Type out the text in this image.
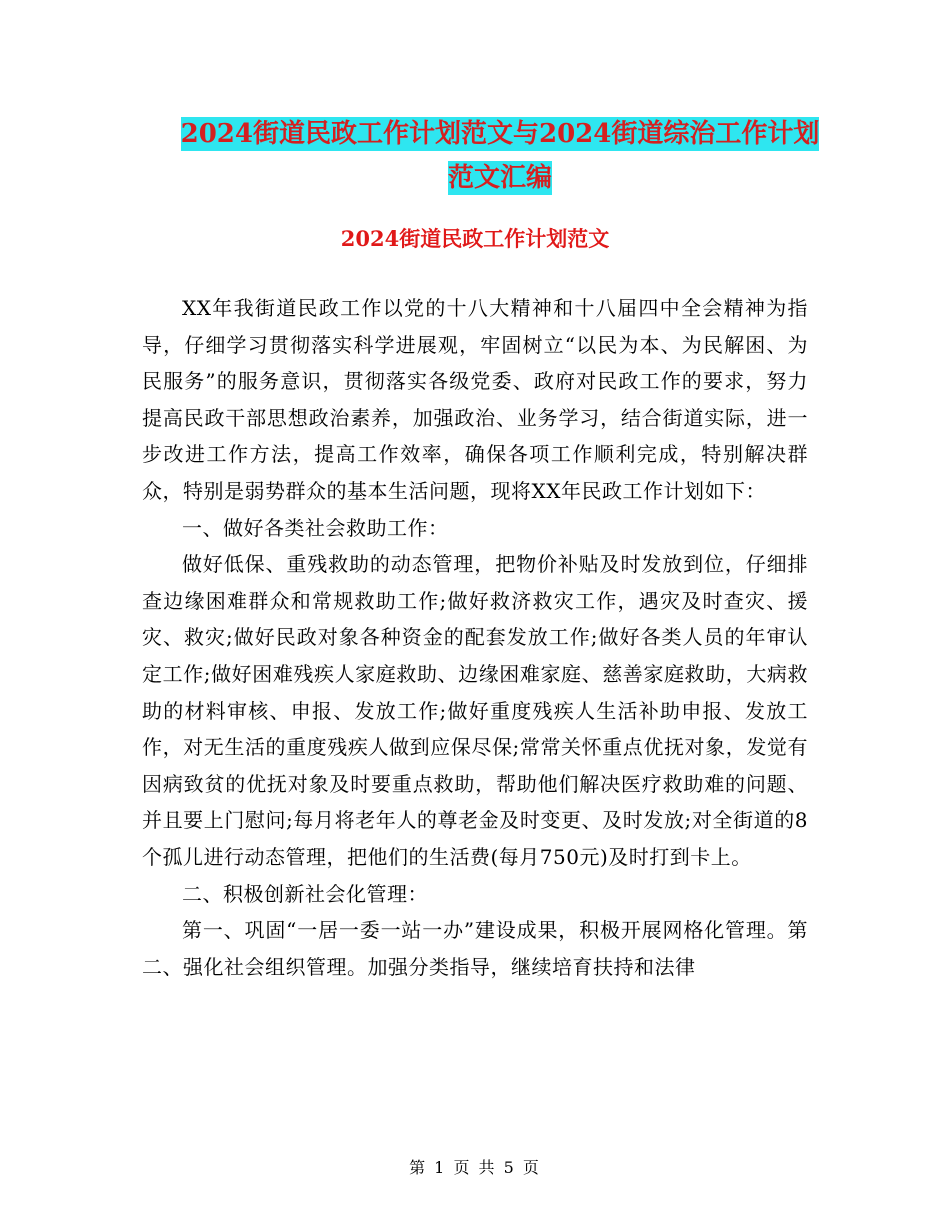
2024街道民政工作计划范文与2024街道综治工作计划
范文汇编
2024街道民政工作计划范文

XX年我街道民政工作以党的十八大精神和十八届四中全会精神为指导，仔细学习贯彻落实科学进展观，牢固树立“以民为本、为民解困、为民服务”的服务意识，贯彻落实各级党委、政府对民政工作的要求，努力提高民政干部思想政治素养，加强政治、业务学习，结合街道实际，进一步改进工作方法，提高工作效率，确保各项工作顺利完成，特别解决群众，特别是弱势群众的基本生活问题，现将XX年民政工作计划如下：

一、做好各类社会救助工作：

做好低保、重残救助的动态管理，把物价补贴及时发放到位，仔细排查边缘困难群众和常规救助工作;做好救济救灾工作，遇灾及时查灾、援灾、救灾;做好民政对象各种资金的配套发放工作;做好各类人员的年审认定工作;做好困难残疾人家庭救助、边缘困难家庭、慈善家庭救助，大病救助的材料审核、申报、发放工作;做好重度残疾人生活补助申报、发放工作，对无生活的重度残疾人做到应保尽保;常常关怀重点优抚对象，发觉有因病致贫的优抚对象及时要重点救助，帮助他们解决医疗救助难的问题、并且要上门慰问;每月将老年人的尊老金及时变更、及时发放;对全街道的8个孤儿进行动态管理，把他们的生活费(每月750元)及时打到卡上。

二、积极创新社会化管理：

第一、巩固“一居一委一站一办”建设成果，积极开展网格化管理。第二、强化社会组织管理。加强分类指导，继续培育扶持和法律

第 1 页 共 5 页
